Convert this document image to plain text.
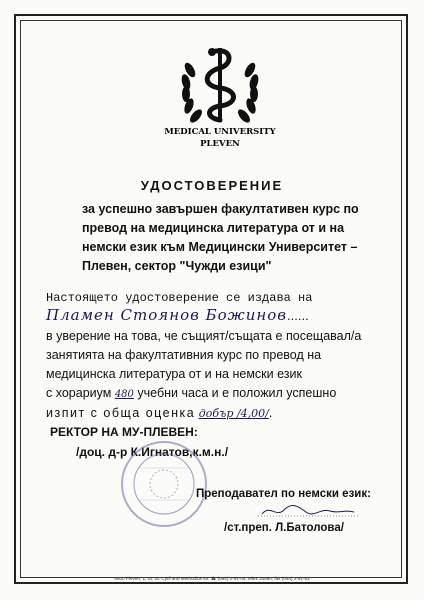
MEDICAL UNIVERSITY
PLEVEN
УДОСТОВЕРЕНИЕ
за успешно завършен факултативен курс по
превод на медицинска литература от и на
немски език към Медицински Университет –
Плевен, сектор "Чужди езици"
Настоящето удостоверение се издава на
Пламен Стоянов Божинов......
в уверение на това, че същият/същата е посещавал/а
занятията на факултативния курс по превод на
медицинска литература от и на немски език
с хорариум 480 учебни часа и е положил успешно
изпит с обща оценка добър /4,00/.
РЕКТОР НА МУ-ПЛЕВЕН:
/доц. д-р К.Игнатов,к.м.н./
Преподавател по немски език:
/ст.преп. Л.Батолова/
5800 Pleven, 1, St. St. Cyril and Methodius str. ☎ (064) 2-91-05, telex 34590, fax (064) 2-91-53
